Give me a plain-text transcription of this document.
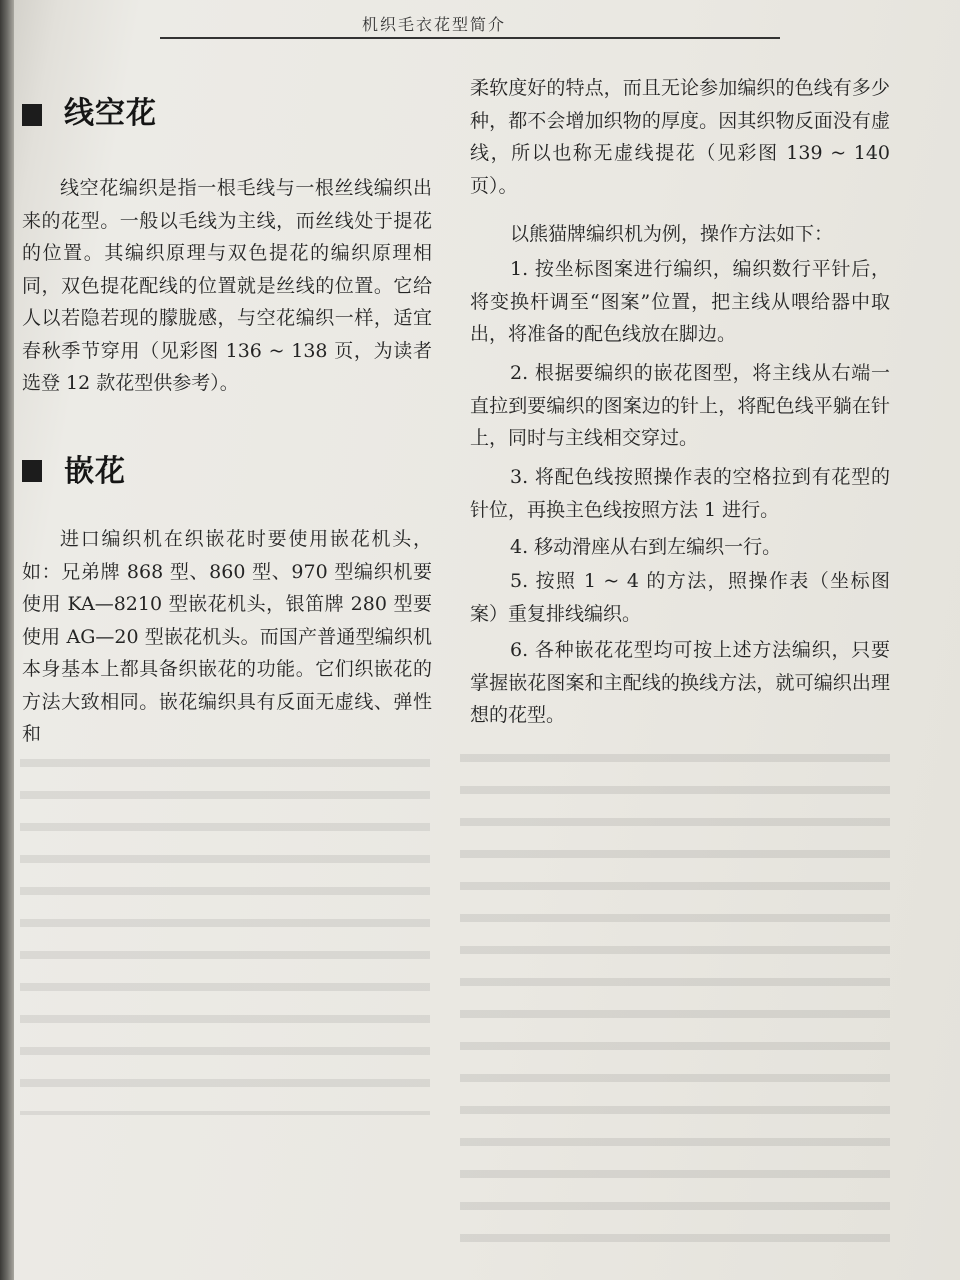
机织毛衣花型简介
线空花

线空花编织是指一根毛线与一根丝线编织出来的花型。一般以毛线为主线，而丝线处于提花的位置。其编织原理与双色提花的编织原理相同，双色提花配线的位置就是丝线的位置。它给人以若隐若现的朦胧感，与空花编织一样，适宜春秋季节穿用（见彩图 136 ~ 138 页，为读者选登 12 款花型供参考）。

嵌花

进口编织机在织嵌花时要使用嵌花机头，如：兄弟牌 868 型、860 型、970 型编织机要使用 KA—8210 型嵌花机头，银笛牌 280 型要使用 AG—20 型嵌花机头。而国产普通型编织机本身基本上都具备织嵌花的功能。它们织嵌花的方法大致相同。嵌花编织具有反面无虚线、弹性和

柔软度好的特点，而且无论参加编织的色线有多少种，都不会增加织物的厚度。因其织物反面没有虚线，所以也称无虚线提花（见彩图 139 ~ 140 页）。

以熊猫牌编织机为例，操作方法如下：

1. 按坐标图案进行编织，编织数行平针后，将变换杆调至“图案”位置，把主线从喂给器中取出，将准备的配色线放在脚边。

2. 根据要编织的嵌花图型，将主线从右端一直拉到要编织的图案边的针上，将配色线平躺在针上，同时与主线相交穿过。

3. 将配色线按照操作表的空格拉到有花型的针位，再换主色线按照方法 1 进行。

4. 移动滑座从右到左编织一行。

5. 按照 1 ~ 4 的方法，照操作表（坐标图案）重复排线编织。

6. 各种嵌花花型均可按上述方法编织，只要掌握嵌花图案和主配线的换线方法，就可编织出理想的花型。
